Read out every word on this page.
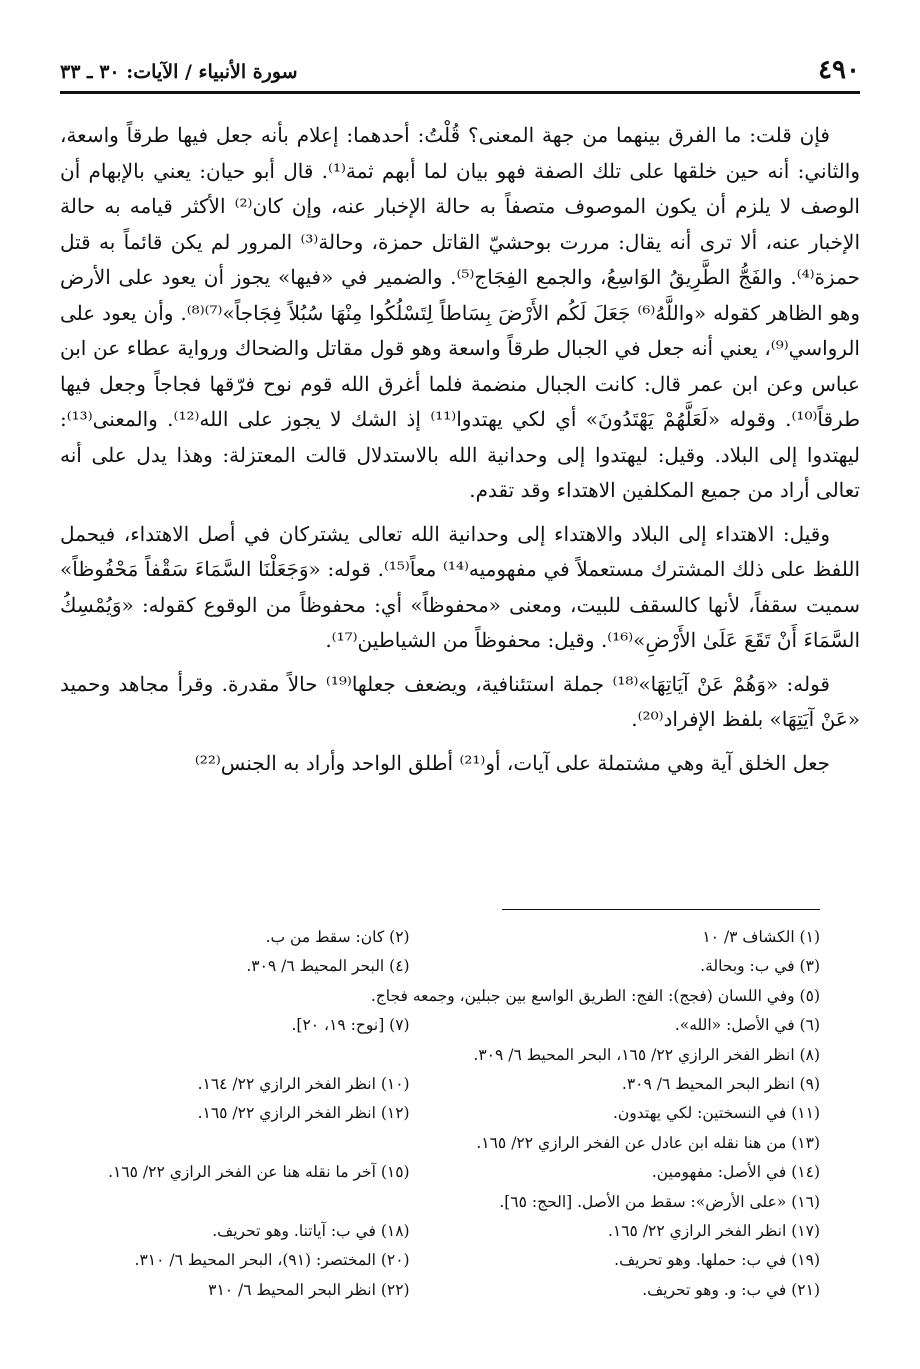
٤٩٠
سورة الأنبياء / الآيات: ٣٠ ـ ٣٣

فإن قلت: ما الفرق بينهما من جهة المعنى؟ قُلْتُ: أحدهما: إعلام بأنه جعل فيها طرقاً واسعة، والثاني: أنه حين خلقها على تلك الصفة فهو بيان لما أبهم ثمة⁽¹⁾. قال أبو حيان: يعني بالإبهام أن الوصف لا يلزم أن يكون الموصوف متصفاً به حالة الإخبار عنه، وإن كان⁽²⁾ الأكثر قيامه به حالة الإخبار عنه، ألا ترى أنه يقال: مررت بوحشيّ القاتل حمزة، وحالة⁽³⁾ المرور لم يكن قائماً به قتل حمزة⁽⁴⁾. والفَجُّ الطَّرِيقُ الوَاسِعُ، والجمع الفِجَاج⁽⁵⁾. والضمير في «فيها» يجوز أن يعود على الأرض وهو الظاهر كقوله «واللَّهُ⁽⁶⁾ جَعَلَ لَكُم الأَرْضَ بِسَاطاً لِتَسْلُكُوا مِنْهَا سُبُلاً فِجَاجاً»⁽⁷⁾⁽⁸⁾. وأن يعود على الرواسي⁽⁹⁾، يعني أنه جعل في الجبال طرقاً واسعة وهو قول مقاتل والضحاك ورواية عطاء عن ابن عباس وعن ابن عمر قال: كانت الجبال منضمة فلما أغرق الله قوم نوح فرّقها فجاجاً وجعل فيها طرقاً⁽¹⁰⁾. وقوله «لَعَلَّهُمْ يَهْتَدُونَ» أي لكي يهتدوا⁽¹¹⁾ إذ الشك لا يجوز على الله⁽¹²⁾. والمعنى⁽¹³⁾: ليهتدوا إلى البلاد. وقيل: ليهتدوا إلى وحدانية الله بالاستدلال قالت المعتزلة: وهذا يدل على أنه تعالى أراد من جميع المكلفين الاهتداء وقد تقدم.

وقيل: الاهتداء إلى البلاد والاهتداء إلى وحدانية الله تعالى يشتركان في أصل الاهتداء، فيحمل اللفظ على ذلك المشترك مستعملاً في مفهوميه⁽¹⁴⁾ معاً⁽¹⁵⁾. قوله: «وَجَعَلْنَا السَّمَاءَ سَقْفاً مَحْفُوظاً» سميت سقفاً، لأنها كالسقف للبيت، ومعنى «محفوظاً» أي: محفوظاً من الوقوع كقوله: «وَيُمْسِكُ السَّمَاءَ أَنْ تَقَعَ عَلَىٰ الأَرْضِ»⁽¹⁶⁾. وقيل: محفوظاً من الشياطين⁽¹⁷⁾.

قوله: «وَهُمْ عَنْ آيَاتِهَا»⁽¹⁸⁾ جملة استئنافية، ويضعف جعلها⁽¹⁹⁾ حالاً مقدرة. وقرأ مجاهد وحميد «عَنْ آيَتِهَا» بلفظ الإفراد⁽²⁰⁾.

جعل الخلق آية وهي مشتملة على آيات، أو⁽²¹⁾ أطلق الواحد وأراد به الجنس⁽²²⁾

(١) الكشاف ٣/ ١٠
(٢) كان: سقط من ب.
(٣) في ب: وبحالة.
(٤) البحر المحيط ٦/ ٣٠٩.
(٥) وفي اللسان (فجج): الفج: الطريق الواسع بين جبلين، وجمعه فجاج.
(٦) في الأصل: «الله».
(٧) [نوح: ١٩، ٢٠].
(٨) انظر الفخر الرازي ٢٢/ ١٦٥، البحر المحيط ٦/ ٣٠٩.
(٩) انظر البحر المحيط ٦/ ٣٠٩.
(١٠) انظر الفخر الرازي ٢٢/ ١٦٤.
(١١) في النسختين: لكي يهتدون.
(١٢) انظر الفخر الرازي ٢٢/ ١٦٥.
(١٣) من هنا نقله ابن عادل عن الفخر الرازي ٢٢/ ١٦٥.
(١٤) في الأصل: مفهومين.
(١٥) آخر ما نقله هنا عن الفخر الرازي ٢٢/ ١٦٥.
(١٦) «على الأرض»: سقط من الأصل. [الحج: ٦٥].
(١٧) انظر الفخر الرازي ٢٢/ ١٦٥.
(١٨) في ب: آياتنا. وهو تحريف.
(١٩) في ب: حملها. وهو تحريف.
(٢٠) المختصر: (٩١)، البحر المحيط ٦/ ٣١٠.
(٢١) في ب: و. وهو تحريف.
(٢٢) انظر البحر المحيط ٦/ ٣١٠
